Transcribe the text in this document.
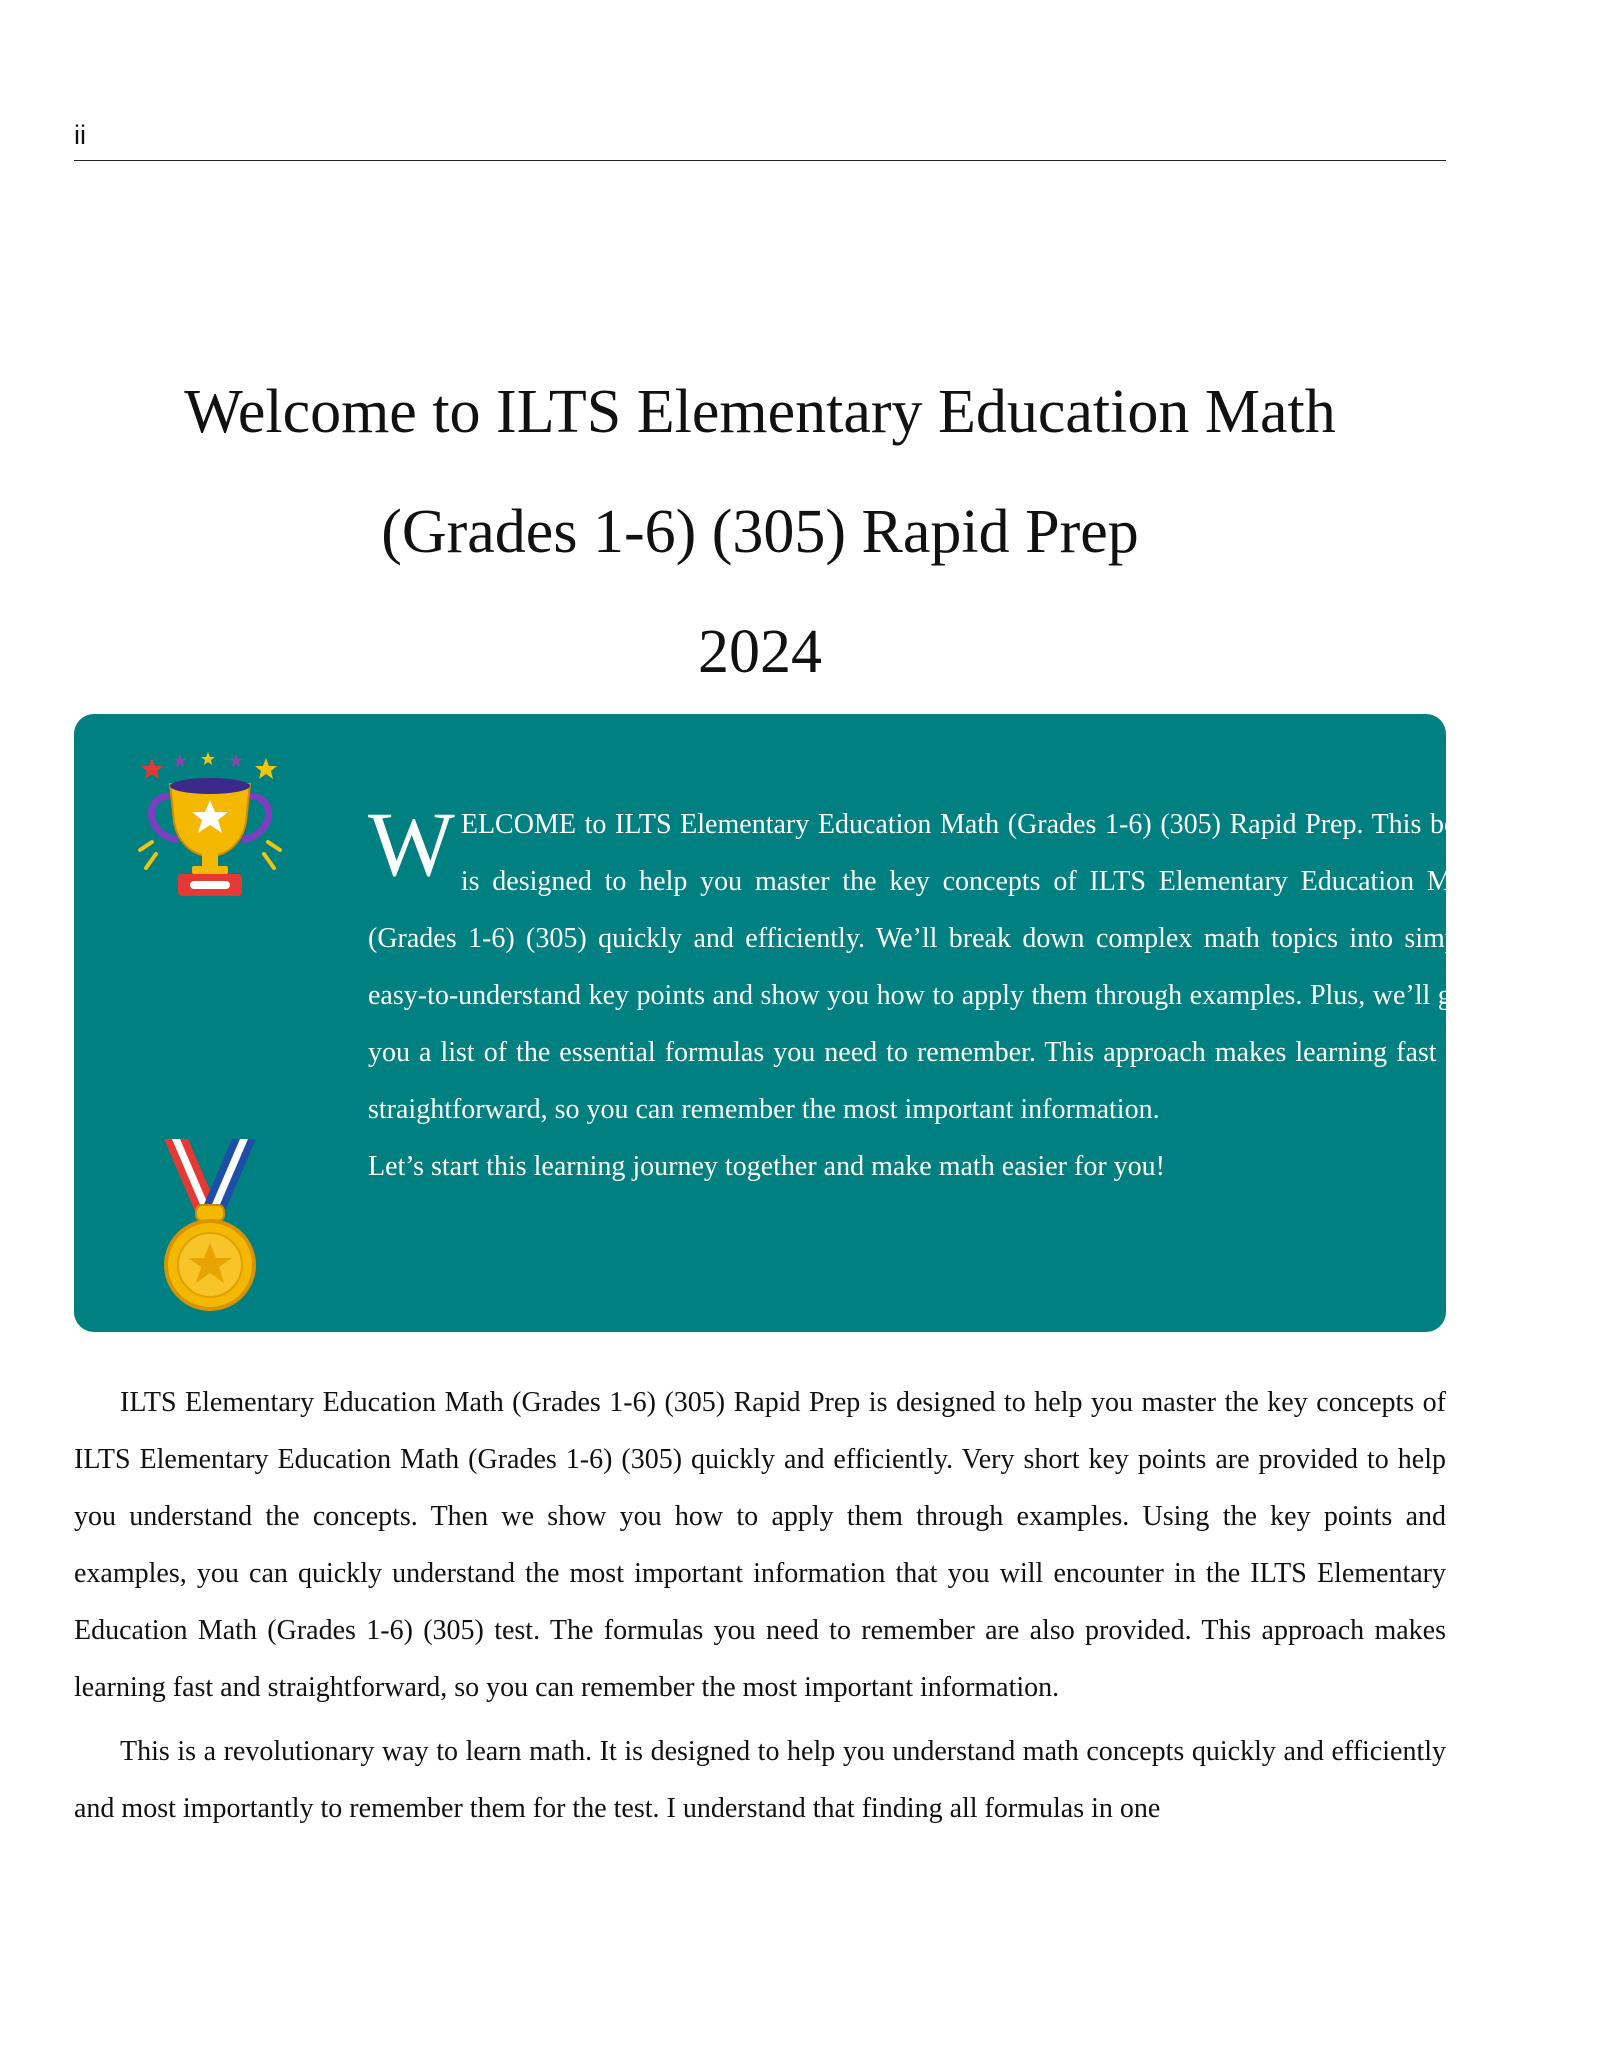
ii
Welcome to ILTS Elementary Education Math
(Grades 1-6) (305) Rapid Prep
2024
W ELCOME to ILTS Elementary Education Math (Grades 1-6) (305) Rapid Prep. This book is designed to help you master the key concepts of ILTS Elementary Education Math (Grades 1-6) (305) quickly and efficiently. We’ll break down complex math topics into simple, easy-to-understand key points and show you how to apply them through examples. Plus, we’ll give you a list of the essential formulas you need to remember. This approach makes learning fast and straightforward, so you can remember the most important information.
Let’s start this learning journey together and make math easier for you!

ILTS Elementary Education Math (Grades 1-6) (305) Rapid Prep is designed to help you master the key concepts of ILTS Elementary Education Math (Grades 1-6) (305) quickly and efficiently. Very short key points are provided to help you understand the concepts. Then we show you how to apply them through examples. Using the key points and examples, you can quickly understand the most important information that you will encounter in the ILTS Elementary Education Math (Grades 1-6) (305) test. The formulas you need to remember are also provided. This approach makes learning fast and straightforward, so you can remember the most important information.

This is a revolutionary way to learn math. It is designed to help you understand math concepts quickly and efficiently and most importantly to remember them for the test. I understand that finding all formulas in one
